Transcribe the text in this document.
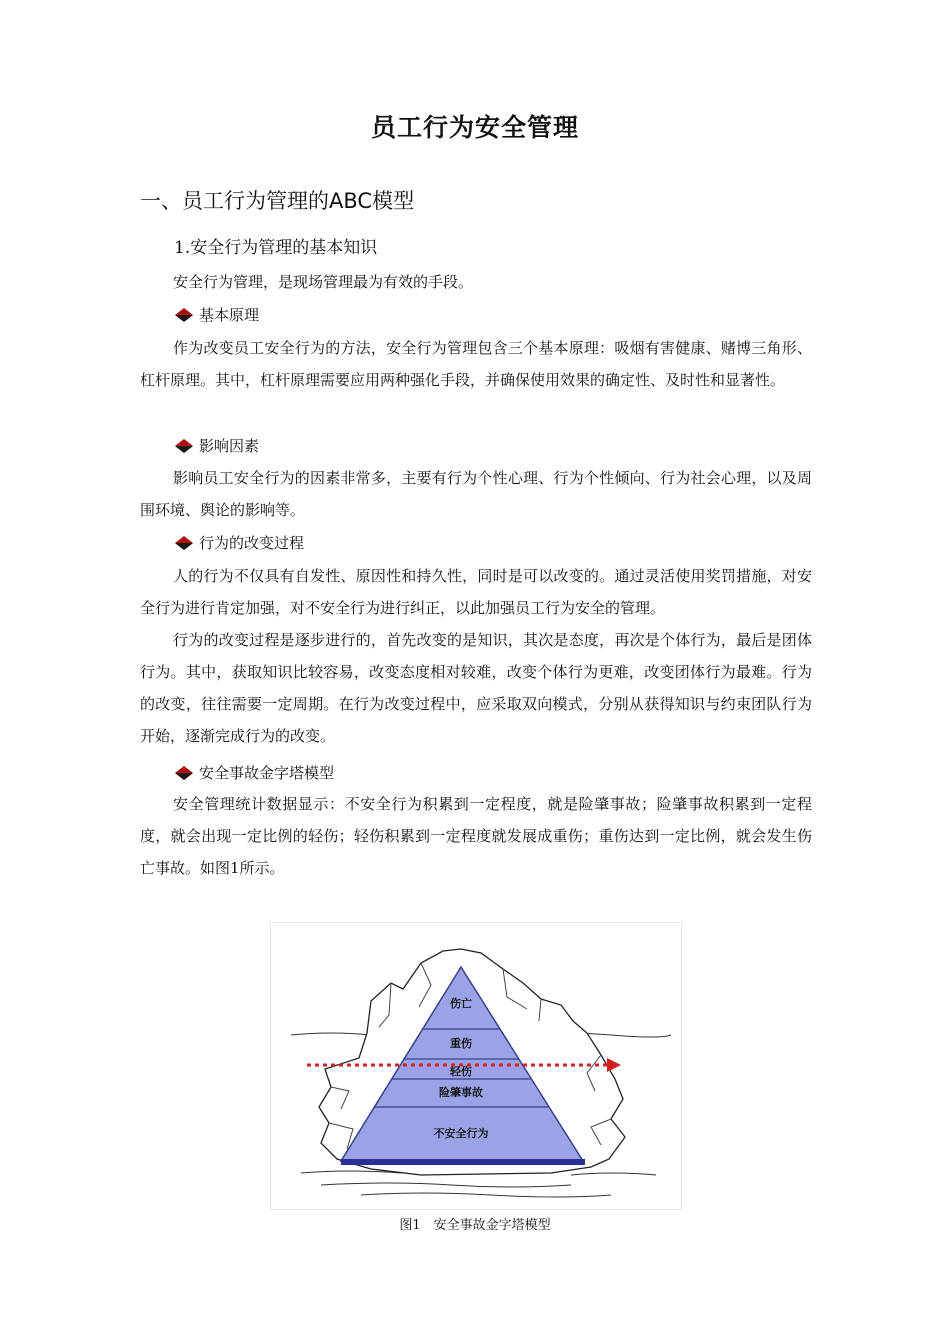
员工行为安全管理
一、员工行为管理的ABC模型
1.安全行为管理的基本知识

安全行为管理，是现场管理最为有效的手段。

基本原理

作为改变员工安全行为的方法，安全行为管理包含三个基本原理：吸烟有害健康、赌博三角形、杠杆原理。其中，杠杆原理需要应用两种强化手段，并确保使用效果的确定性、及时性和显著性。

影响因素

影响员工安全行为的因素非常多，主要有行为个性心理、行为个性倾向、行为社会心理，以及周围环境、舆论的影响等。

行为的改变过程

人的行为不仅具有自发性、原因性和持久性，同时是可以改变的。通过灵活使用奖罚措施，对安全行为进行肯定加强，对不安全行为进行纠正，以此加强员工行为安全的管理。

行为的改变过程是逐步进行的，首先改变的是知识，其次是态度，再次是个体行为，最后是团体行为。其中，获取知识比较容易，改变态度相对较难，改变个体行为更难，改变团体行为最难。行为的改变，往往需要一定周期。在行为改变过程中，应采取双向模式，分别从获得知识与约束团队行为开始，逐渐完成行为的改变。

安全事故金字塔模型

安全管理统计数据显示：不安全行为积累到一定程度，就是险肇事故；险肇事故积累到一定程度，就会出现一定比例的轻伤；轻伤积累到一定程度就发展成重伤；重伤达到一定比例，就会发生伤亡事故。如图1所示。

伤亡
重伤
轻伤
险肇事故
不安全行为
图1　安全事故金字塔模型
